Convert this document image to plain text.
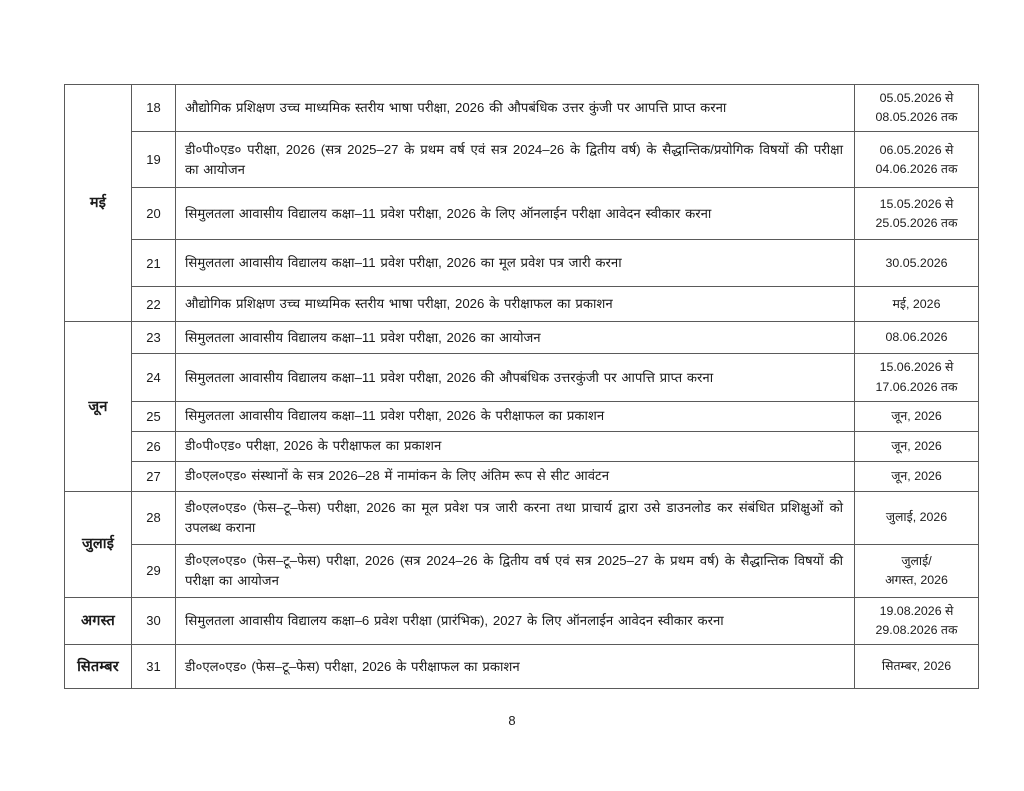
मई	18	औद्योगिक प्रशिक्षण उच्च माध्यमिक स्तरीय भाषा परीक्षा, 2026 की औपबंधिक उत्तर कुंजी पर आपत्ति प्राप्त करना	05.05.2026 से
08.05.2026 तक

	19	डी०पी०एड० परीक्षा, 2026 (सत्र 2025–27 के प्रथम वर्ष एवं सत्र 2024–26 के द्वितीय वर्ष) के सैद्धान्तिक/प्रयोगिक विषयों की परीक्षा का आयोजन	06.05.2026 से
04.06.2026 तक

	20	सिमुलतला आवासीय विद्यालय कक्षा–11 प्रवेश परीक्षा, 2026 के लिए ऑनलाईन परीक्षा आवेदन स्वीकार करना	15.05.2026 से
25.05.2026 तक

	21	सिमुलतला आवासीय विद्यालय कक्षा–11 प्रवेश परीक्षा, 2026 का मूल प्रवेश पत्र जारी करना	30.05.2026

	22	औद्योगिक प्रशिक्षण उच्च माध्यमिक स्तरीय भाषा परीक्षा, 2026 के परीक्षाफल का प्रकाशन	मई, 2026

जून	23	सिमुलतला आवासीय विद्यालय कक्षा–11 प्रवेश परीक्षा, 2026 का आयोजन	08.06.2026

	24	सिमुलतला आवासीय विद्यालय कक्षा–11 प्रवेश परीक्षा, 2026 की औपबंधिक उत्तरकुंजी पर आपत्ति प्राप्त करना	15.06.2026 से
17.06.2026 तक

	25	सिमुलतला आवासीय विद्यालय कक्षा–11 प्रवेश परीक्षा, 2026 के परीक्षाफल का प्रकाशन	जून, 2026

	26	डी०पी०एड० परीक्षा, 2026 के परीक्षाफल का प्रकाशन	जून, 2026

	27	डी०एल०एड० संस्थानों के सत्र 2026–28 में नामांकन के लिए अंतिम रूप से सीट आवंटन	जून, 2026

जुलाई	28	डी०एल०एड० (फेस–टू–फेस) परीक्षा, 2026 का मूल प्रवेश पत्र जारी करना तथा प्राचार्य द्वारा उसे डाउनलोड कर संबंधित प्रशिक्षुओं को उपलब्ध कराना	जुलाई, 2026

	29	डी०एल०एड० (फेस–टू–फेस) परीक्षा, 2026 (सत्र 2024–26 के द्वितीय वर्ष एवं सत्र 2025–27 के प्रथम वर्ष) के सैद्धान्तिक विषयों की परीक्षा का आयोजन	जुलाई/
अगस्त, 2026

अगस्त	30	सिमुलतला आवासीय विद्यालय कक्षा–6 प्रवेश परीक्षा (प्रारंभिक), 2027 के लिए ऑनलाईन आवेदन स्वीकार करना	19.08.2026 से
29.08.2026 तक

सितम्बर	31	डी०एल०एड० (फेस–टू–फेस) परीक्षा, 2026 के परीक्षाफल का प्रकाशन	सितम्बर, 2026
8
